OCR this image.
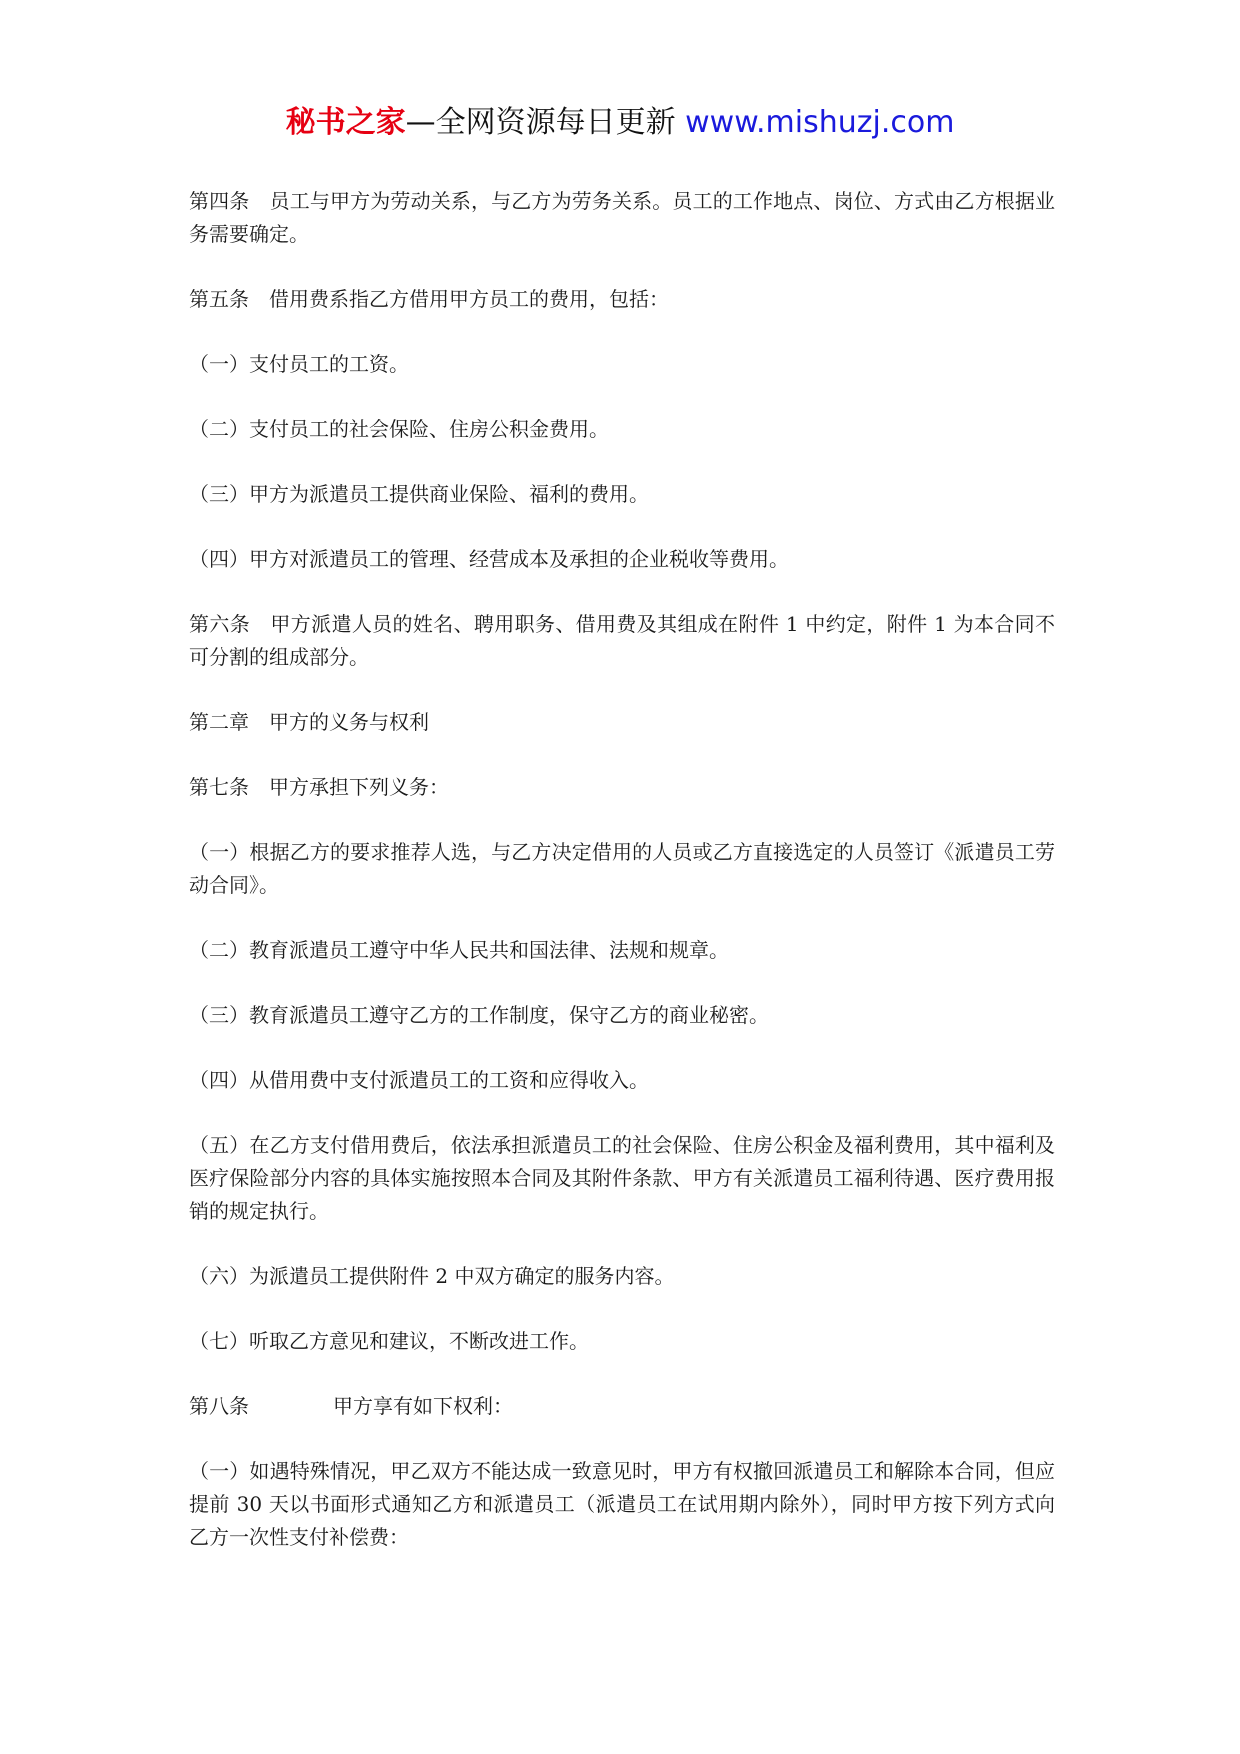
秘书之家—全网资源每日更新 www.mishuzj.com

第四条 员工与甲方为劳动关系，与乙方为劳务关系。员工的工作地点、岗位、方式由乙方根据业务需要确定。

第五条 借用费系指乙方借用甲方员工的费用，包括：

（一）支付员工的工资。

（二）支付员工的社会保险、住房公积金费用。

（三）甲方为派遣员工提供商业保险、福利的费用。

（四）甲方对派遣员工的管理、经营成本及承担的企业税收等费用。

第六条 甲方派遣人员的姓名、聘用职务、借用费及其组成在附件 1 中约定，附件 1 为本合同不可分割的组成部分。

第二章 甲方的义务与权利

第七条 甲方承担下列义务：

（一）根据乙方的要求推荐人选，与乙方决定借用的人员或乙方直接选定的人员签订《派遣员工劳动合同》。

（二）教育派遣员工遵守中华人民共和国法律、法规和规章。

（三）教育派遣员工遵守乙方的工作制度，保守乙方的商业秘密。

（四）从借用费中支付派遣员工的工资和应得收入。

（五）在乙方支付借用费后，依法承担派遣员工的社会保险、住房公积金及福利费用，其中福利及医疗保险部分内容的具体实施按照本合同及其附件条款、甲方有关派遣员工福利待遇、医疗费用报销的规定执行。

（六）为派遣员工提供附件 2 中双方确定的服务内容。

（七）听取乙方意见和建议，不断改进工作。

第八条	甲方享有如下权利：

（一）如遇特殊情况，甲乙双方不能达成一致意见时，甲方有权撤回派遣员工和解除本合同，但应提前 30 天以书面形式通知乙方和派遣员工（派遣员工在试用期内除外），同时甲方按下列方式向乙方一次性支付补偿费：
